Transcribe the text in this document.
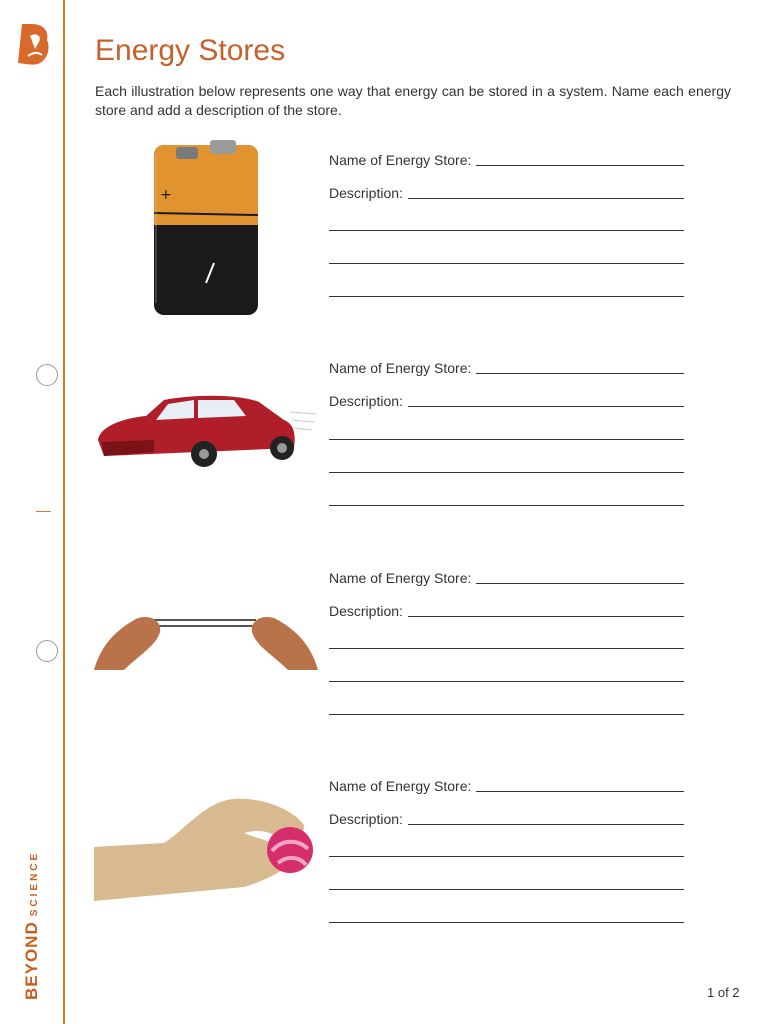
BEYONDSCIENCE
Energy Stores

Each illustration below represents one way that energy can be stored in a system. Name each energy store and add a description of the store.

+
Name of Energy Store:
Description:
Name of Energy Store:
Description:
Name of Energy Store:
Description:
Name of Energy Store:
Description:
1 of 2
